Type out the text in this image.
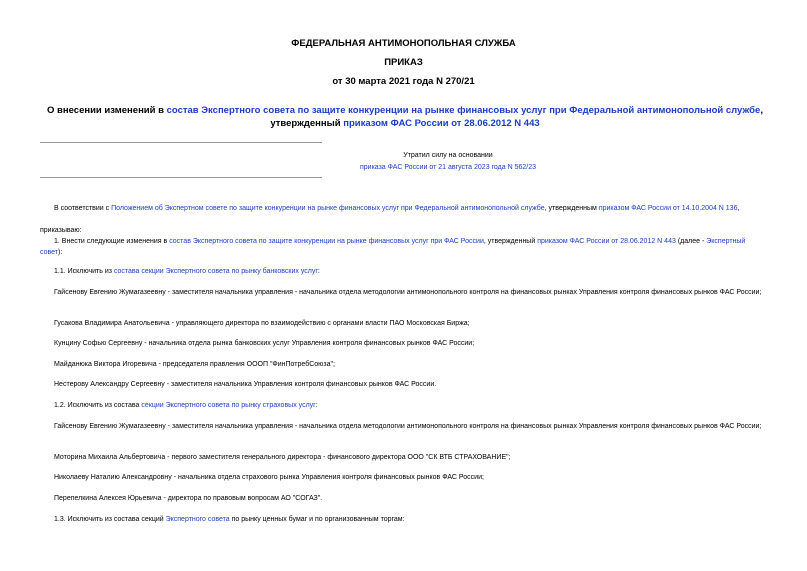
ФЕДЕРАЛЬНАЯ АНТИМОНОПОЛЬНАЯ СЛУЖБА
ПРИКАЗ
от 30 марта 2021 года N 270/21
О внесении изменений в состав Экспертного совета по защите конкуренции на рынке финансовых услуг при Федеральной антимонопольной службе, утвержденный приказом ФАС России от 28.06.2012 N 443
Утратил силу на основании
приказа ФАС России от 21 августа 2023 года N 562/23
В соответствии с Положением об Экспертном совете по защите конкуренции на рынке финансовых услуг при Федеральной антимонопольной службе, утвержденным приказом ФАС России от 14.10.2004 N 136,
приказываю:
1. Внести следующие изменения в состав Экспертного совета по защите конкуренции на рынке финансовых услуг при ФАС России, утвержденный приказом ФАС России от 28.06.2012 N 443 (далее - Экспертный совет):
1.1. Исключить из состава секции Экспертного совета по рынку банковских услуг:
Гайсенову Евгению Жумагазеевну - заместителя начальника управления - начальника отдела методологии антимонопольного контроля на финансовых рынках Управления контроля финансовых рынков ФАС России;
Гусакова Владимира Анатольевича - управляющего директора по взаимодействию с органами власти ПАО Московская Биржа;
Кунцину Софью Сергеевну - начальника отдела рынка банковских услуг Управления контроля финансовых рынков ФАС России;
Майданюка Виктора Игоревича - председателя правления ОООП "ФинПотребСоюза";
Нестерову Александру Сергеевну - заместителя начальника Управления контроля финансовых рынков ФАС России.
1.2. Исключить из состава секции Экспертного совета по рынку страховых услуг:
Гайсенову Евгению Жумагазеевну - заместителя начальника управления - начальника отдела методологии антимонопольного контроля на финансовых рынках Управления контроля финансовых рынков ФАС России;
Моторина Михаила Альбертовича - первого заместителя генерального директора - финансового директора ООО "СК ВТБ СТРАХОВАНИЕ";
Николаеву Наталию Александровну - начальника отдела страхового рынка Управления контроля финансовых рынков ФАС России;
Перепелкина Алексея Юрьевича - директора по правовым вопросам АО "СОГАЗ".
1.3. Исключить из состава секций Экспертного совета по рынку ценных бумаг и по организованным торгам:
